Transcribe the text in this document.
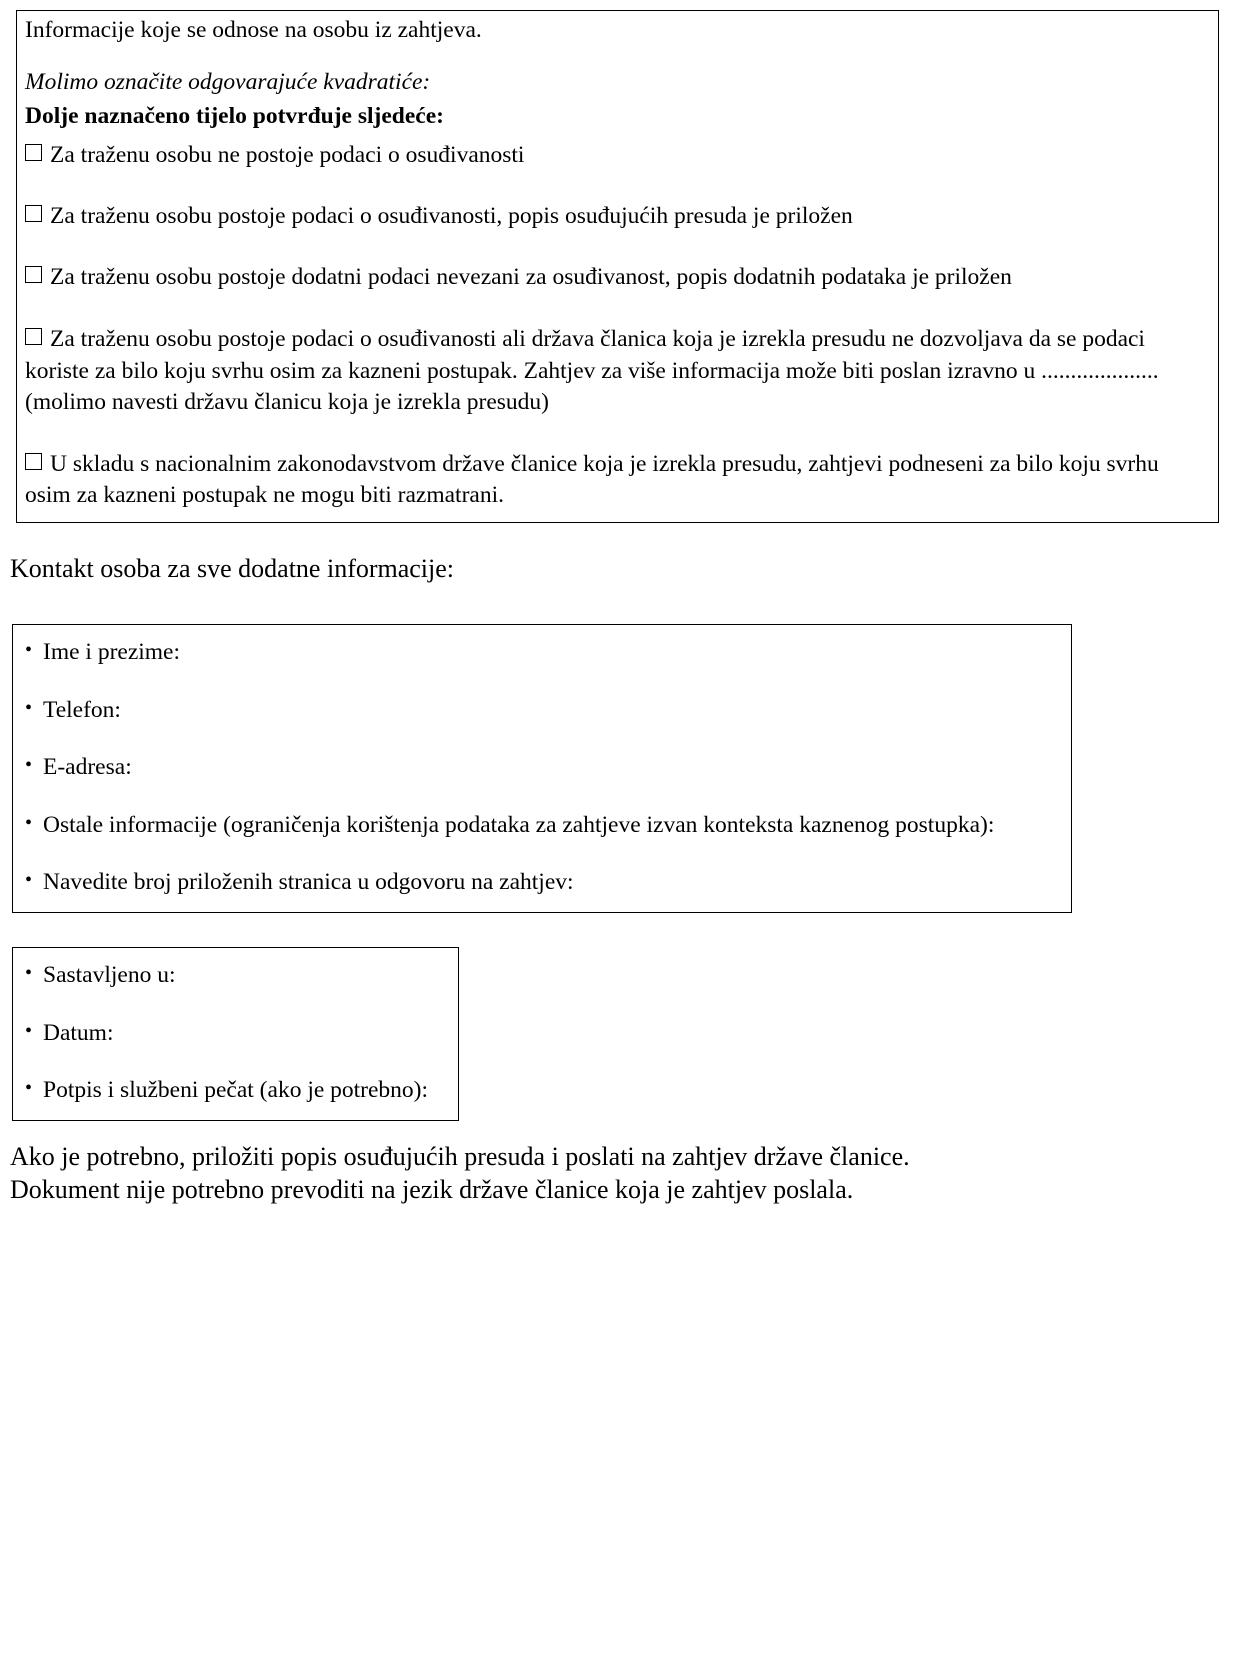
Informacije koje se odnose na osobu iz zahtjeva.

Molimo označite odgovarajuće kvadratiće:

Dolje naznačeno tijelo potvrđuje sljedeće:

Za traženu osobu ne postoje podaci o osuđivanosti

Za traženu osobu postoje podaci o osuđivanosti, popis osuđujućih presuda je priložen

Za traženu osobu postoje dodatni podaci nevezani za osuđivanost, popis dodatnih podataka je priložen

Za traženu osobu postoje podaci o osuđivanosti ali država članica koja je izrekla presudu ne dozvoljava da se podaci koriste za bilo koju svrhu osim za kazneni postupak. Zahtjev za više informacija može biti poslan izravno u .................... (molimo navesti državu članicu koja je izrekla presudu)

U skladu s nacionalnim zakonodavstvom države članice koja je izrekla presudu, zahtjevi podneseni za bilo koju svrhu osim za kazneni postupak ne mogu biti razmatrani.

Kontakt osoba za sve dodatne informacije:

• Ime i prezime:

• Telefon:

• E-adresa:

• Ostale informacije (ograničenja korištenja podataka za zahtjeve izvan konteksta kaznenog postupka):

• Navedite broj priloženih stranica u odgovoru na zahtjev:

• Sastavljeno u:

• Datum:

• Potpis i službeni pečat (ako je potrebno):

Ako je potrebno, priložiti popis osuđujućih presuda i poslati na zahtjev države članice.
Dokument nije potrebno prevoditi na jezik države članice koja je zahtjev poslala.
